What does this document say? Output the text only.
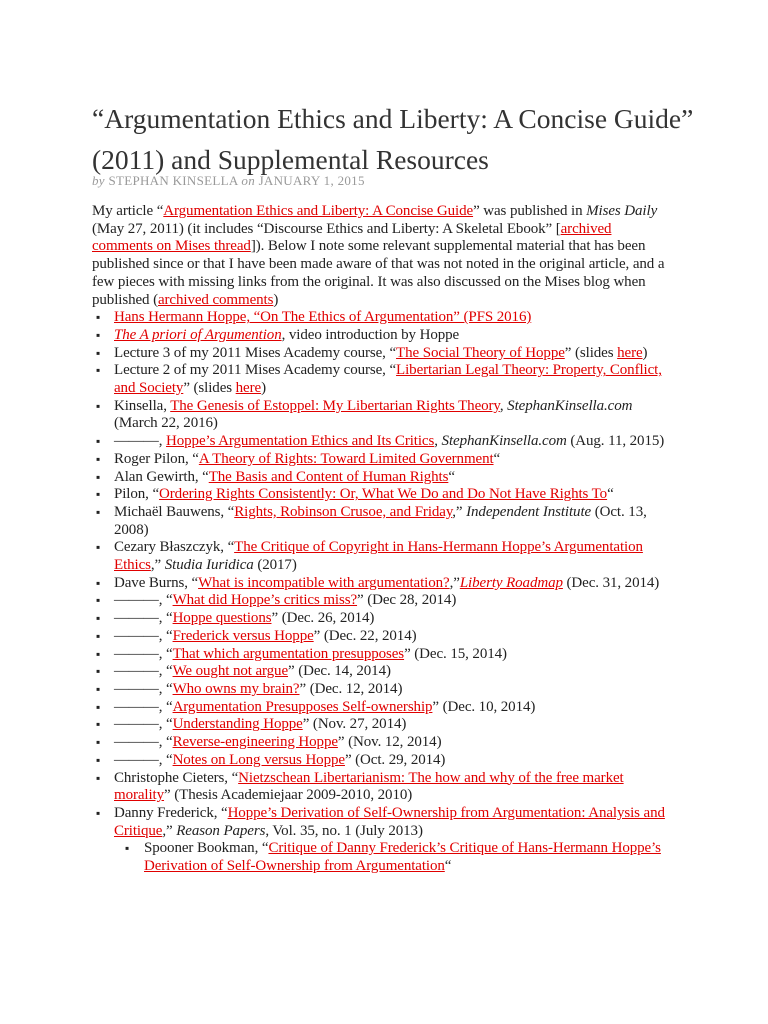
“Argumentation Ethics and Liberty: A Concise Guide” (2011) and Supplemental Resources
by STEPHAN KINSELLA on JANUARY 1, 2015

My article “Argumentation Ethics and Liberty: A Concise Guide” was published in Mises Daily (May 27, 2011) (it includes “Discourse Ethics and Liberty: A Skeletal Ebook” [archived comments on Mises thread]). Below I note some relevant supplemental material that has been published since or that I have been made aware of that was not noted in the original article, and a few pieces with missing links from the original. It was also discussed on the Mises blog when published (archived comments)

▪ Hans Hermann Hoppe, “On The Ethics of Argumentation” (PFS 2016)
▪ The A priori of Argumention, video introduction by Hoppe
▪ Lecture 3 of my 2011 Mises Academy course, “The Social Theory of Hoppe” (slides here)
▪ Lecture 2 of my 2011 Mises Academy course, “Libertarian Legal Theory: Property, Conflict, and Society” (slides here)
▪ Kinsella, The Genesis of Estoppel: My Libertarian Rights Theory, StephanKinsella.com (March 22, 2016)
▪ ———, Hoppe’s Argumentation Ethics and Its Critics, StephanKinsella.com (Aug. 11, 2015)
▪ Roger Pilon, “A Theory of Rights: Toward Limited Government“
▪ Alan Gewirth, “The Basis and Content of Human Rights“
▪ Pilon, “Ordering Rights Consistently: Or, What We Do and Do Not Have Rights To“
▪ Michaël Bauwens, “Rights, Robinson Crusoe, and Friday,” Independent Institute (Oct. 13, 2008)
▪ Cezary Błaszczyk, “The Critique of Copyright in Hans-Hermann Hoppe’s Argumentation Ethics,” Studia Iuridica (2017)
▪ Dave Burns, “What is incompatible with argumentation?,”Liberty Roadmap (Dec. 31, 2014)
▪ ———, “What did Hoppe’s critics miss?” (Dec 28, 2014)
▪ ———, “Hoppe questions” (Dec. 26, 2014)
▪ ———, “Frederick versus Hoppe” (Dec. 22, 2014)
▪ ———, “That which argumentation presupposes” (Dec. 15, 2014)
▪ ———, “We ought not argue” (Dec. 14, 2014)
▪ ———, “Who owns my brain?” (Dec. 12, 2014)
▪ ———, “Argumentation Presupposes Self-ownership” (Dec. 10, 2014)
▪ ———, “Understanding Hoppe” (Nov. 27, 2014)
▪ ———, “Reverse-engineering Hoppe” (Nov. 12, 2014)
▪ ———, “Notes on Long versus Hoppe” (Oct. 29, 2014)
▪ Christophe Cieters, “Nietzschean Libertarianism: The how and why of the free market morality” (Thesis Academiejaar 2009-2010, 2010)
▪ Danny Frederick, “Hoppe’s Derivation of Self-Ownership from Argumentation: Analysis and Critique,” Reason Papers, Vol. 35, no. 1 (July 2013)
▪ Spooner Bookman, “Critique of Danny Frederick’s Critique of Hans-Hermann Hoppe’s Derivation of Self-Ownership from Argumentation“
